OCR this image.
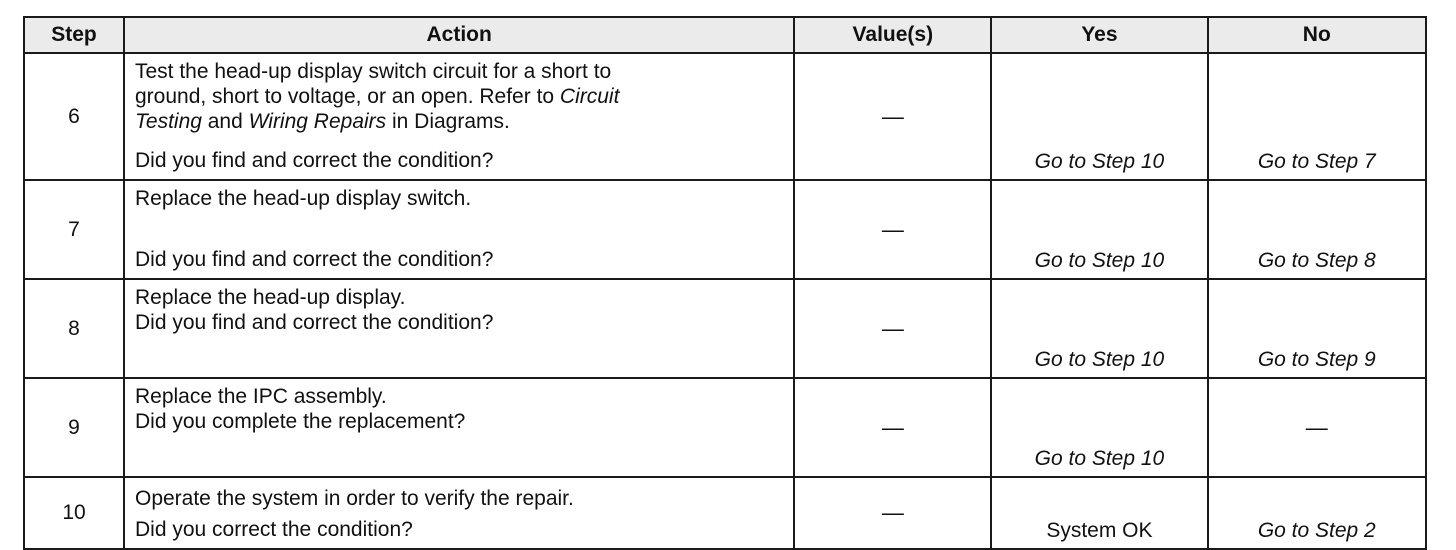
Step	Action	Value(s)	Yes	No
6	Test the head-up display switch circuit for a short to
ground, short to voltage, or an open. Refer to Circuit
Testing and Wiring Repairs in Diagrams.
Did you find and correct the condition?	—	Go to Step 10	Go to Step 7

7	Replace the head-up display switch.
Did you find and correct the condition?	—	Go to Step 10	Go to Step 8

8	Replace the head-up display.
Did you find and correct the condition?	—	Go to Step 10	Go to Step 9

9	Replace the IPC assembly.
Did you complete the replacement?	—	Go to Step 10	—
10	Operate the system in order to verify the repair.
Did you correct the condition?	—	System OK	Go to Step 2
